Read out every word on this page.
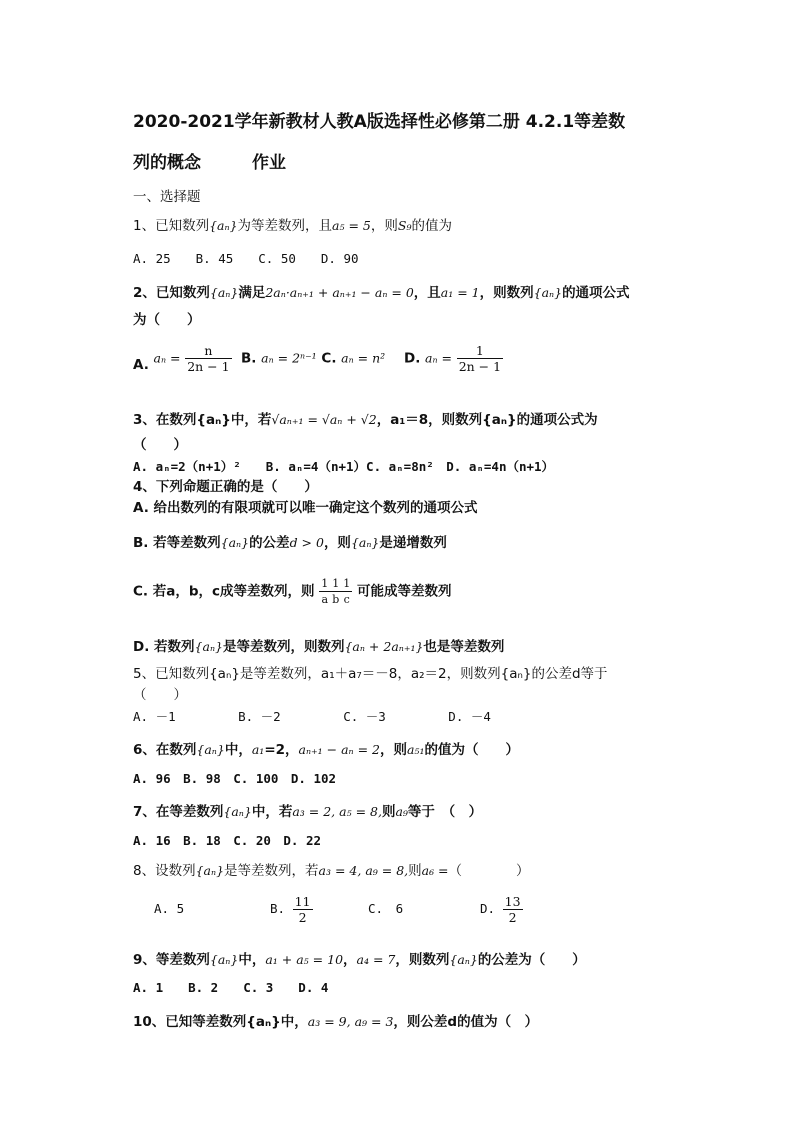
2020-2021学年新教材人教A版选择性必修第二册 4.2.1等差数
列的概念　　　作业
一、选择题
1、已知数列{aₙ}为等差数列，且a₅ = 5，则S₉的值为
A. 25　　B. 45　　C. 50　　D. 90
2、已知数列{aₙ}满足2aₙ·aₙ₊₁ + aₙ₊₁ − aₙ = 0，且a₁ = 1，则数列{aₙ}的通项公式
为（　　）
A. $a_n = \frac{n}{2n - 1} B$. aₙ = 2ⁿ⁻¹ C. aₙ = n² D. $a_n = \frac{1}{2n - 1}$
3、在数列{aₙ}中，若√aₙ₊₁ = √aₙ + √2，a₁＝8，则数列{aₙ}的通项公式为
（　　）
A. aₙ=2（n+1）²　　B. aₙ=4（n+1）C. aₙ=8n²　D. aₙ=4n（n+1）
4、下列命题正确的是（　　）
A. 给出数列的有限项就可以唯一确定这个数列的通项公式
B. 若等差数列{aₙ}的公差d > 0，则{aₙ}是递增数列
C. 若a，b，c成等差数列，则 $\frac{1}{a} \frac{1}{b} \frac{1}{c}$ 可能成等差数列
D. 若数列{aₙ}是等差数列，则数列{aₙ + 2aₙ₊₁}也是等差数列
5、已知数列{aₙ}是等差数列，a₁＋a₇＝－8，a₂＝2，则数列{aₙ}的公差d等于
（　　）
A. －1　　　　　B. －2　　　　　C. －3　　　　　D. －4
6、在数列{aₙ}中，a₁=2，aₙ₊₁ − aₙ = 2，则a₅₁的值为（　　）
A. 96　B. 98　C. 100　D. 102
7、在等差数列{aₙ}中，若a₃ = 2, a₅ = 8,则a₉等于　（　）
A. 16　B. 18　C. 20　D. 22
8、设数列{aₙ}是等差数列，若a₃ = 4, a₉ = 8,则a₆ =（　　　　）
A. 5	B. $\frac{11}{2}$	C.　6	D. $\frac{13}{2}$
9、等差数列{aₙ}中，a₁ + a₅ = 10，a₄ = 7，则数列{aₙ}的公差为（　　）
A. 1　　B. 2　　C. 3　　D. 4
10、已知等差数列{aₙ}中，a₃ = 9, a₉ = 3，则公差d的值为（　）
